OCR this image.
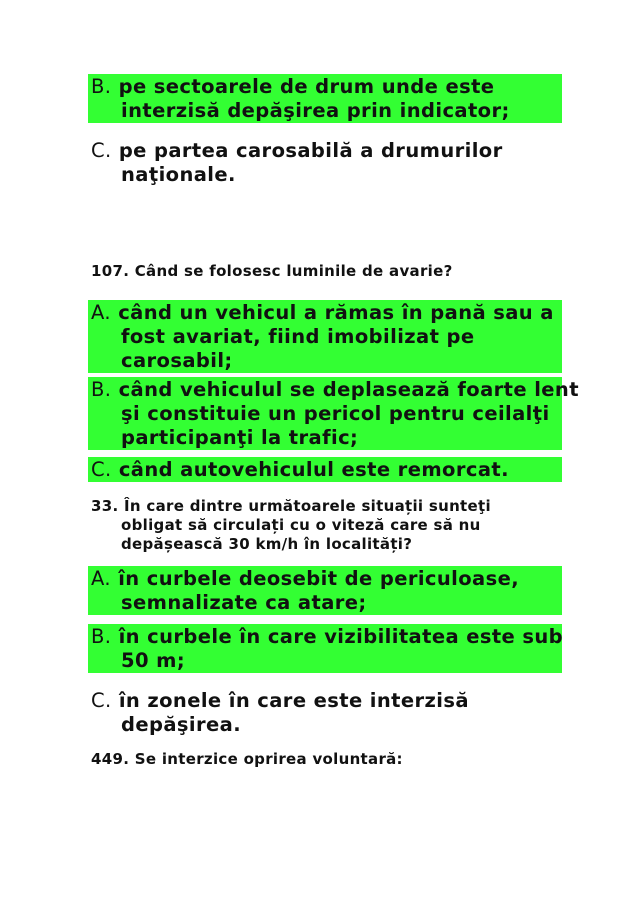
B. pe sectoarele de drum unde este
interzisă depăşirea prin indicator;
C. pe partea carosabilă a drumurilor
naţionale.
107. Când se folosesc luminile de avarie?
A. când un vehicul a rămas în pană sau a
fost avariat, fiind imobilizat pe
carosabil;
B. când vehiculul se deplasează foarte lent
şi constituie un pericol pentru ceilalţi
participanţi la trafic;
C. când autovehiculul este remorcat.
33. În care dintre următoarele situații sunteţi
obligat să circulați cu o viteză care să nu
depășească 30 km/h în localități?
A. în curbele deosebit de periculoase,
semnalizate ca atare;
B. în curbele în care vizibilitatea este sub
50 m;
C. în zonele în care este interzisă
depăşirea.
449. Se interzice oprirea voluntară:
